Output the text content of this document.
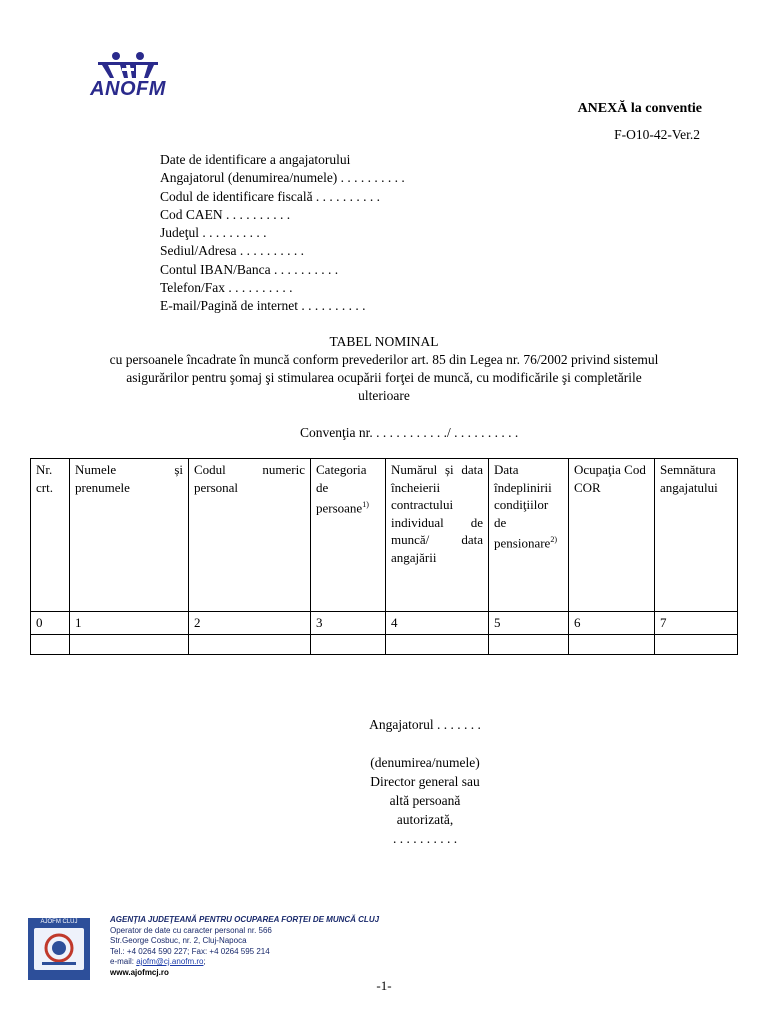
ANOFM
ANEXĂ la conventie
F-O10-42-Ver.2
Date de identificare a angajatorului
Angajatorul (denumirea/numele) . . . . . . . . . .
Codul de identificare fiscală . . . . . . . . . .
Cod CAEN . . . . . . . . . .
Judeţul . . . . . . . . . .
Sediul/Adresa . . . . . . . . . .
Contul IBAN/Banca . . . . . . . . . .
Telefon/Fax . . . . . . . . . .
E-mail/Pagină de internet . . . . . . . . . .
TABEL NOMINAL
cu persoanele încadrate în muncă conform prevederilor art. 85 din Legea nr. 76/2002 privind sistemul
asigurărilor pentru şomaj şi stimularea ocupării forţei de muncă, cu modificările şi completările
ulterioare
Convenţia nr. . . . . . . . . . . ./ . . . . . . . . . .
Nr. crt.	Numele și prenumele	Codul numeric personal	Categoria de persoane$^{1)}$	Numărul și data încheierii contractului individual de muncă/ data angajării	Data îndeplinirii condiţiilor de pensionare$^{2)}$	Ocupaţia Cod COR	Semnătura angajatului
0	1	2	3	4	5	6	7

Angajatorul . . . . . . .
(denumirea/numele)
Director general sau
altă persoană
autorizată,
. . . . . . . . . .
AJOFM CLUJ	AGENŢIA JUDEŢEANĂ PENTRU OCUPAREA FORŢEI DE MUNCĂ CLUJ
Operator de date cu caracter personal nr. 566
Str.George Cosbuc, nr. 2, Cluj-Napoca
Tel.: +4 0264 590 227; Fax: +4 0264 595 214
e-mail: ajofm@cj.anofm.ro;
www.ajofmcj.ro
-1-
